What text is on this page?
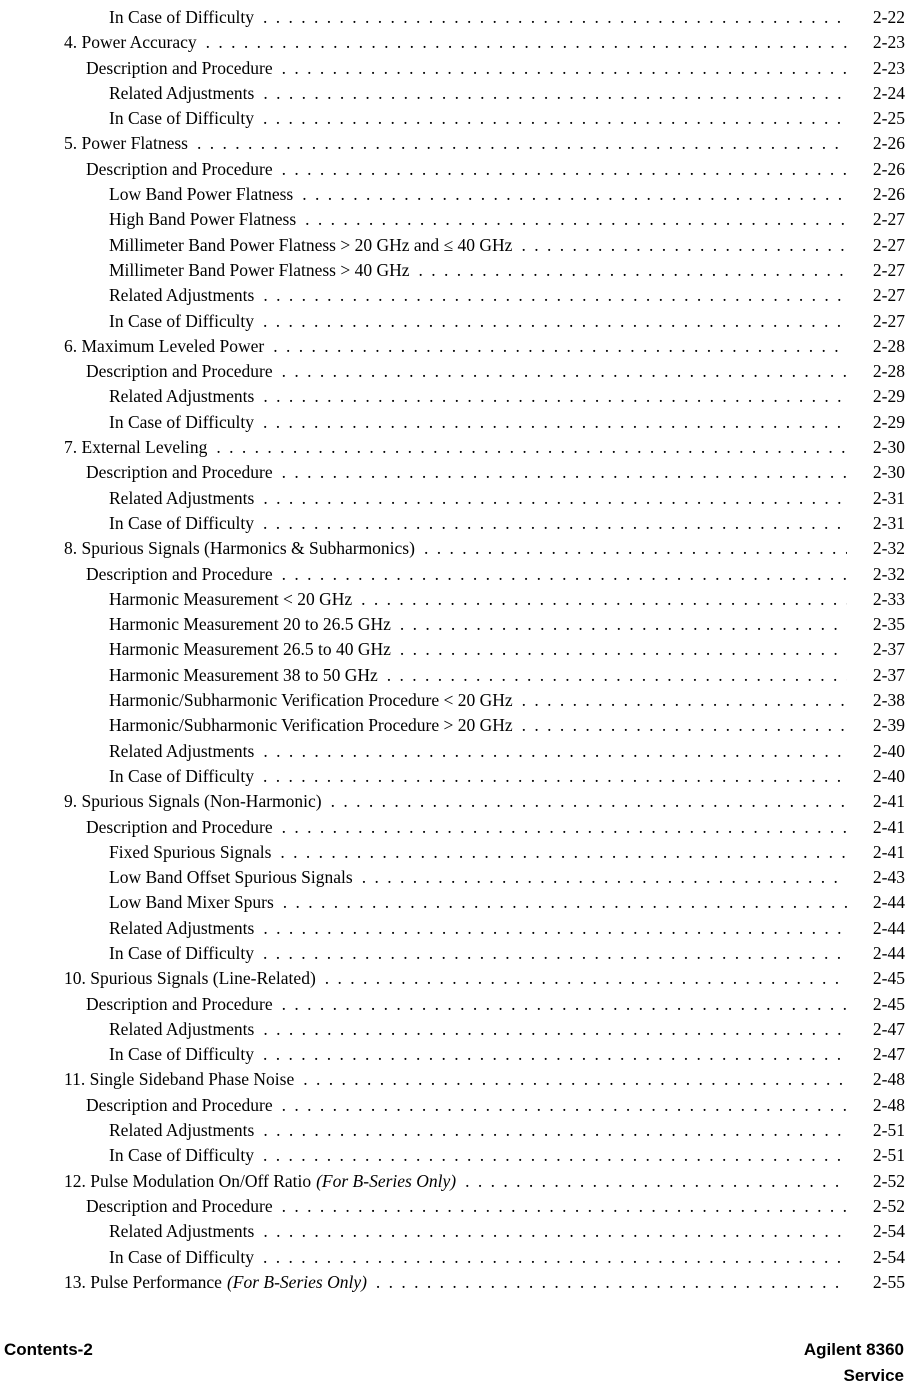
In Case of Difficulty . . .	2-22
4. Power Accuracy . . .	2-23
Description and Procedure . . .	2-23
Related Adjustments . . .	2-24
In Case of Difficulty . . .	2-25
5. Power Flatness . . .	2-26
Description and Procedure . . .	2-26
Low Band Power Flatness . . .	2-26
High Band Power Flatness . . .	2-27
Millimeter Band Power Flatness > 20 GHz and ≤ 40 GHz . . .	2-27
Millimeter Band Power Flatness > 40 GHz . . .	2-27
Related Adjustments . . .	2-27
In Case of Difficulty . . .	2-27
6. Maximum Leveled Power . . .	2-28
Description and Procedure . . .	2-28
Related Adjustments . . .	2-29
In Case of Difficulty . . .	2-29
7. External Leveling . . .	2-30
Description and Procedure . . .	2-30
Related Adjustments . . .	2-31
In Case of Difficulty . . .	2-31
8. Spurious Signals (Harmonics & Subharmonics) . . .	2-32
Description and Procedure . . .	2-32
Harmonic Measurement < 20 GHz . . .	2-33
Harmonic Measurement 20 to 26.5 GHz . . .	2-35
Harmonic Measurement 26.5 to 40 GHz . . .	2-37
Harmonic Measurement 38 to 50 GHz . . .	2-37
Harmonic/Subharmonic Verification Procedure < 20 GHz . . .	2-38
Harmonic/Subharmonic Verification Procedure > 20 GHz . . .	2-39
Related Adjustments . . .	2-40
In Case of Difficulty . . .	2-40
9. Spurious Signals (Non-Harmonic) . . .	2-41
Description and Procedure . . .	2-41
Fixed Spurious Signals . . .	2-41
Low Band Offset Spurious Signals . . .	2-43
Low Band Mixer Spurs . . .	2-44
Related Adjustments . . .	2-44
In Case of Difficulty . . .	2-44
10. Spurious Signals (Line-Related) . . .	2-45
Description and Procedure . . .	2-45
Related Adjustments . . .	2-47
In Case of Difficulty . . .	2-47
11. Single Sideband Phase Noise . . .	2-48
Description and Procedure . . .	2-48
Related Adjustments . . .	2-51
In Case of Difficulty . . .	2-51
12. Pulse Modulation On/Off Ratio (For B-Series Only) . . .	2-52
Description and Procedure . . .	2-52
Related Adjustments . . .	2-54
In Case of Difficulty . . .	2-54
13. Pulse Performance (For B-Series Only) . . .	2-55
Contents-2	Agilent 8360
Service
